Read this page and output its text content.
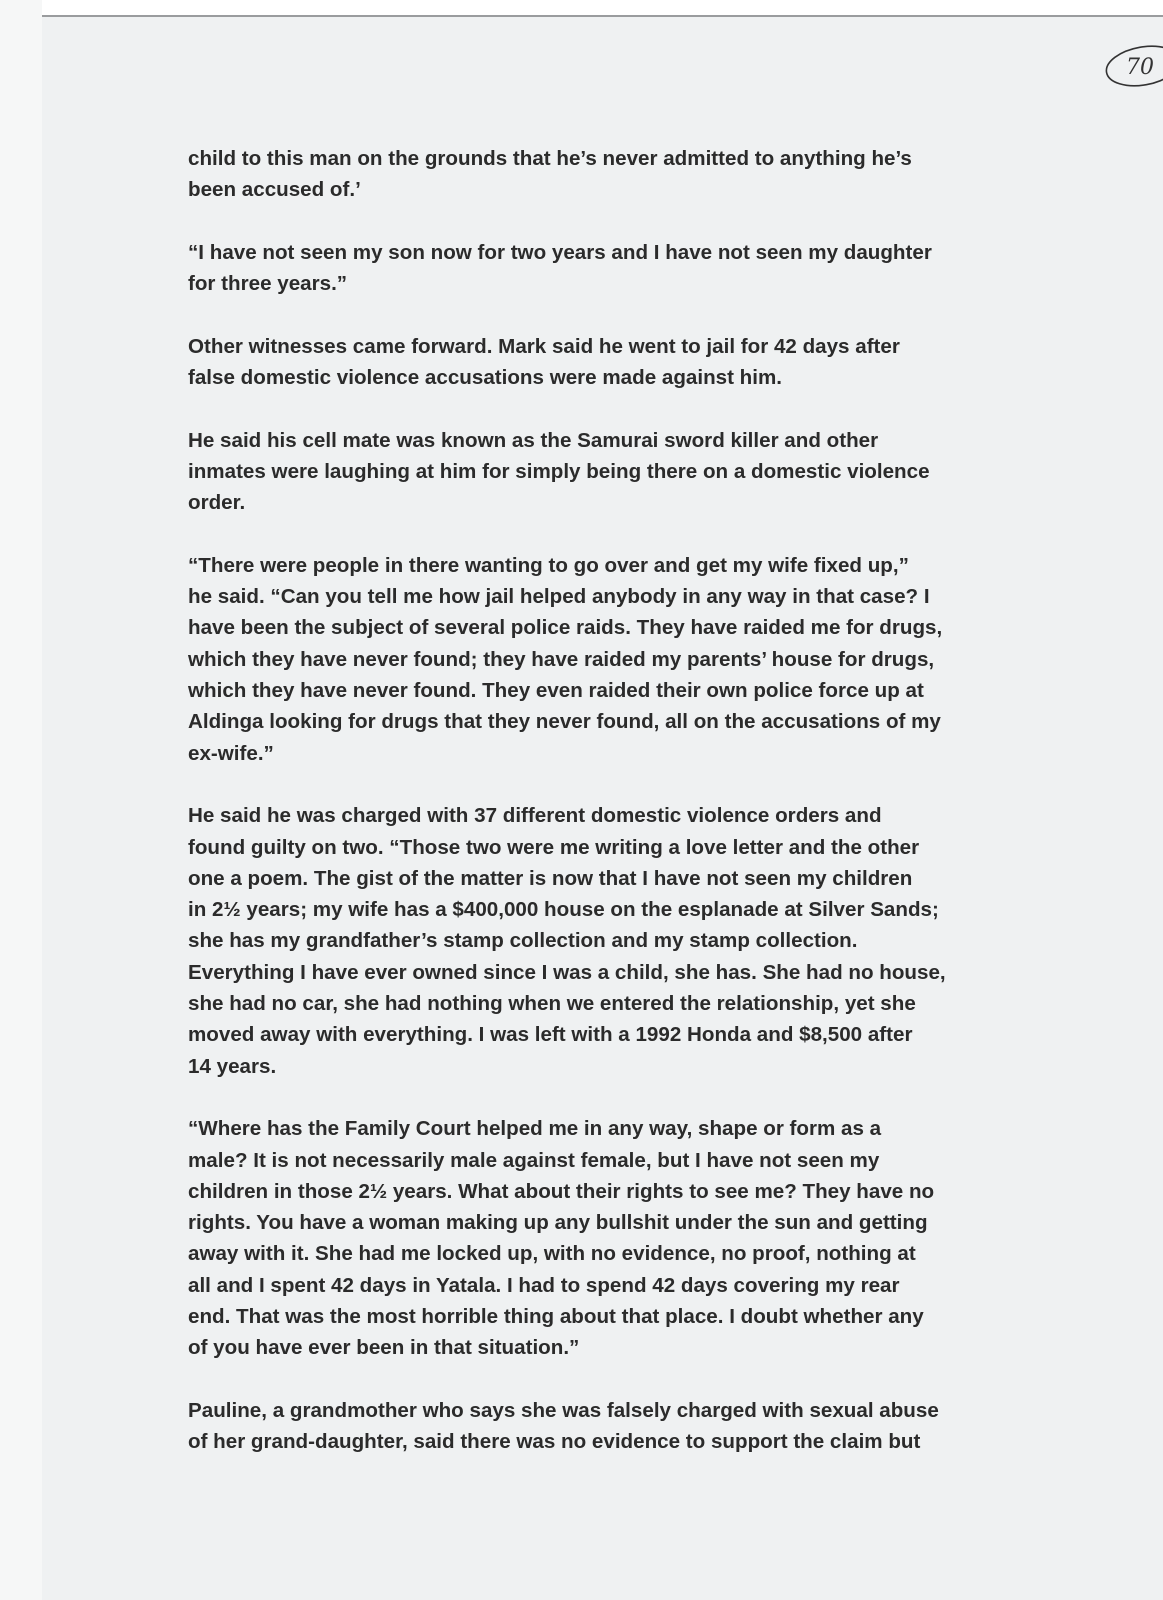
70

child to this man on the grounds that he’s never admitted to anything he’s
been accused of.’

“I have not seen my son now for two years and I have not seen my daughter
for three years.”

Other witnesses came forward. Mark said he went to jail for 42 days after
false domestic violence accusations were made against him.

He said his cell mate was known as the Samurai sword killer and other
inmates were laughing at him for simply being there on a domestic violence
order.

“There were people in there wanting to go over and get my wife fixed up,”
he said. “Can you tell me how jail helped anybody in any way in that case? I
have been the subject of several police raids. They have raided me for drugs,
which they have never found; they have raided my parents’ house for drugs,
which they have never found. They even raided their own police force up at
Aldinga looking for drugs that they never found, all on the accusations of my
ex-wife.”

He said he was charged with 37 different domestic violence orders and
found guilty on two. “Those two were me writing a love letter and the other
one a poem. The gist of the matter is now that I have not seen my children
in 2½ years; my wife has a $400,000 house on the esplanade at Silver Sands;
she has my grandfather’s stamp collection and my stamp collection.
Everything I have ever owned since I was a child, she has. She had no house,
she had no car, she had nothing when we entered the relationship, yet she
moved away with everything. I was left with a 1992 Honda and $8,500 after
14 years.

“Where has the Family Court helped me in any way, shape or form as a
male? It is not necessarily male against female, but I have not seen my
children in those 2½ years. What about their rights to see me? They have no
rights. You have a woman making up any bullshit under the sun and getting
away with it. She had me locked up, with no evidence, no proof, nothing at
all and I spent 42 days in Yatala. I had to spend 42 days covering my rear
end. That was the most horrible thing about that place. I doubt whether any
of you have ever been in that situation.”

Pauline, a grandmother who says she was falsely charged with sexual abuse
of her grand-daughter, said there was no evidence to support the claim but
